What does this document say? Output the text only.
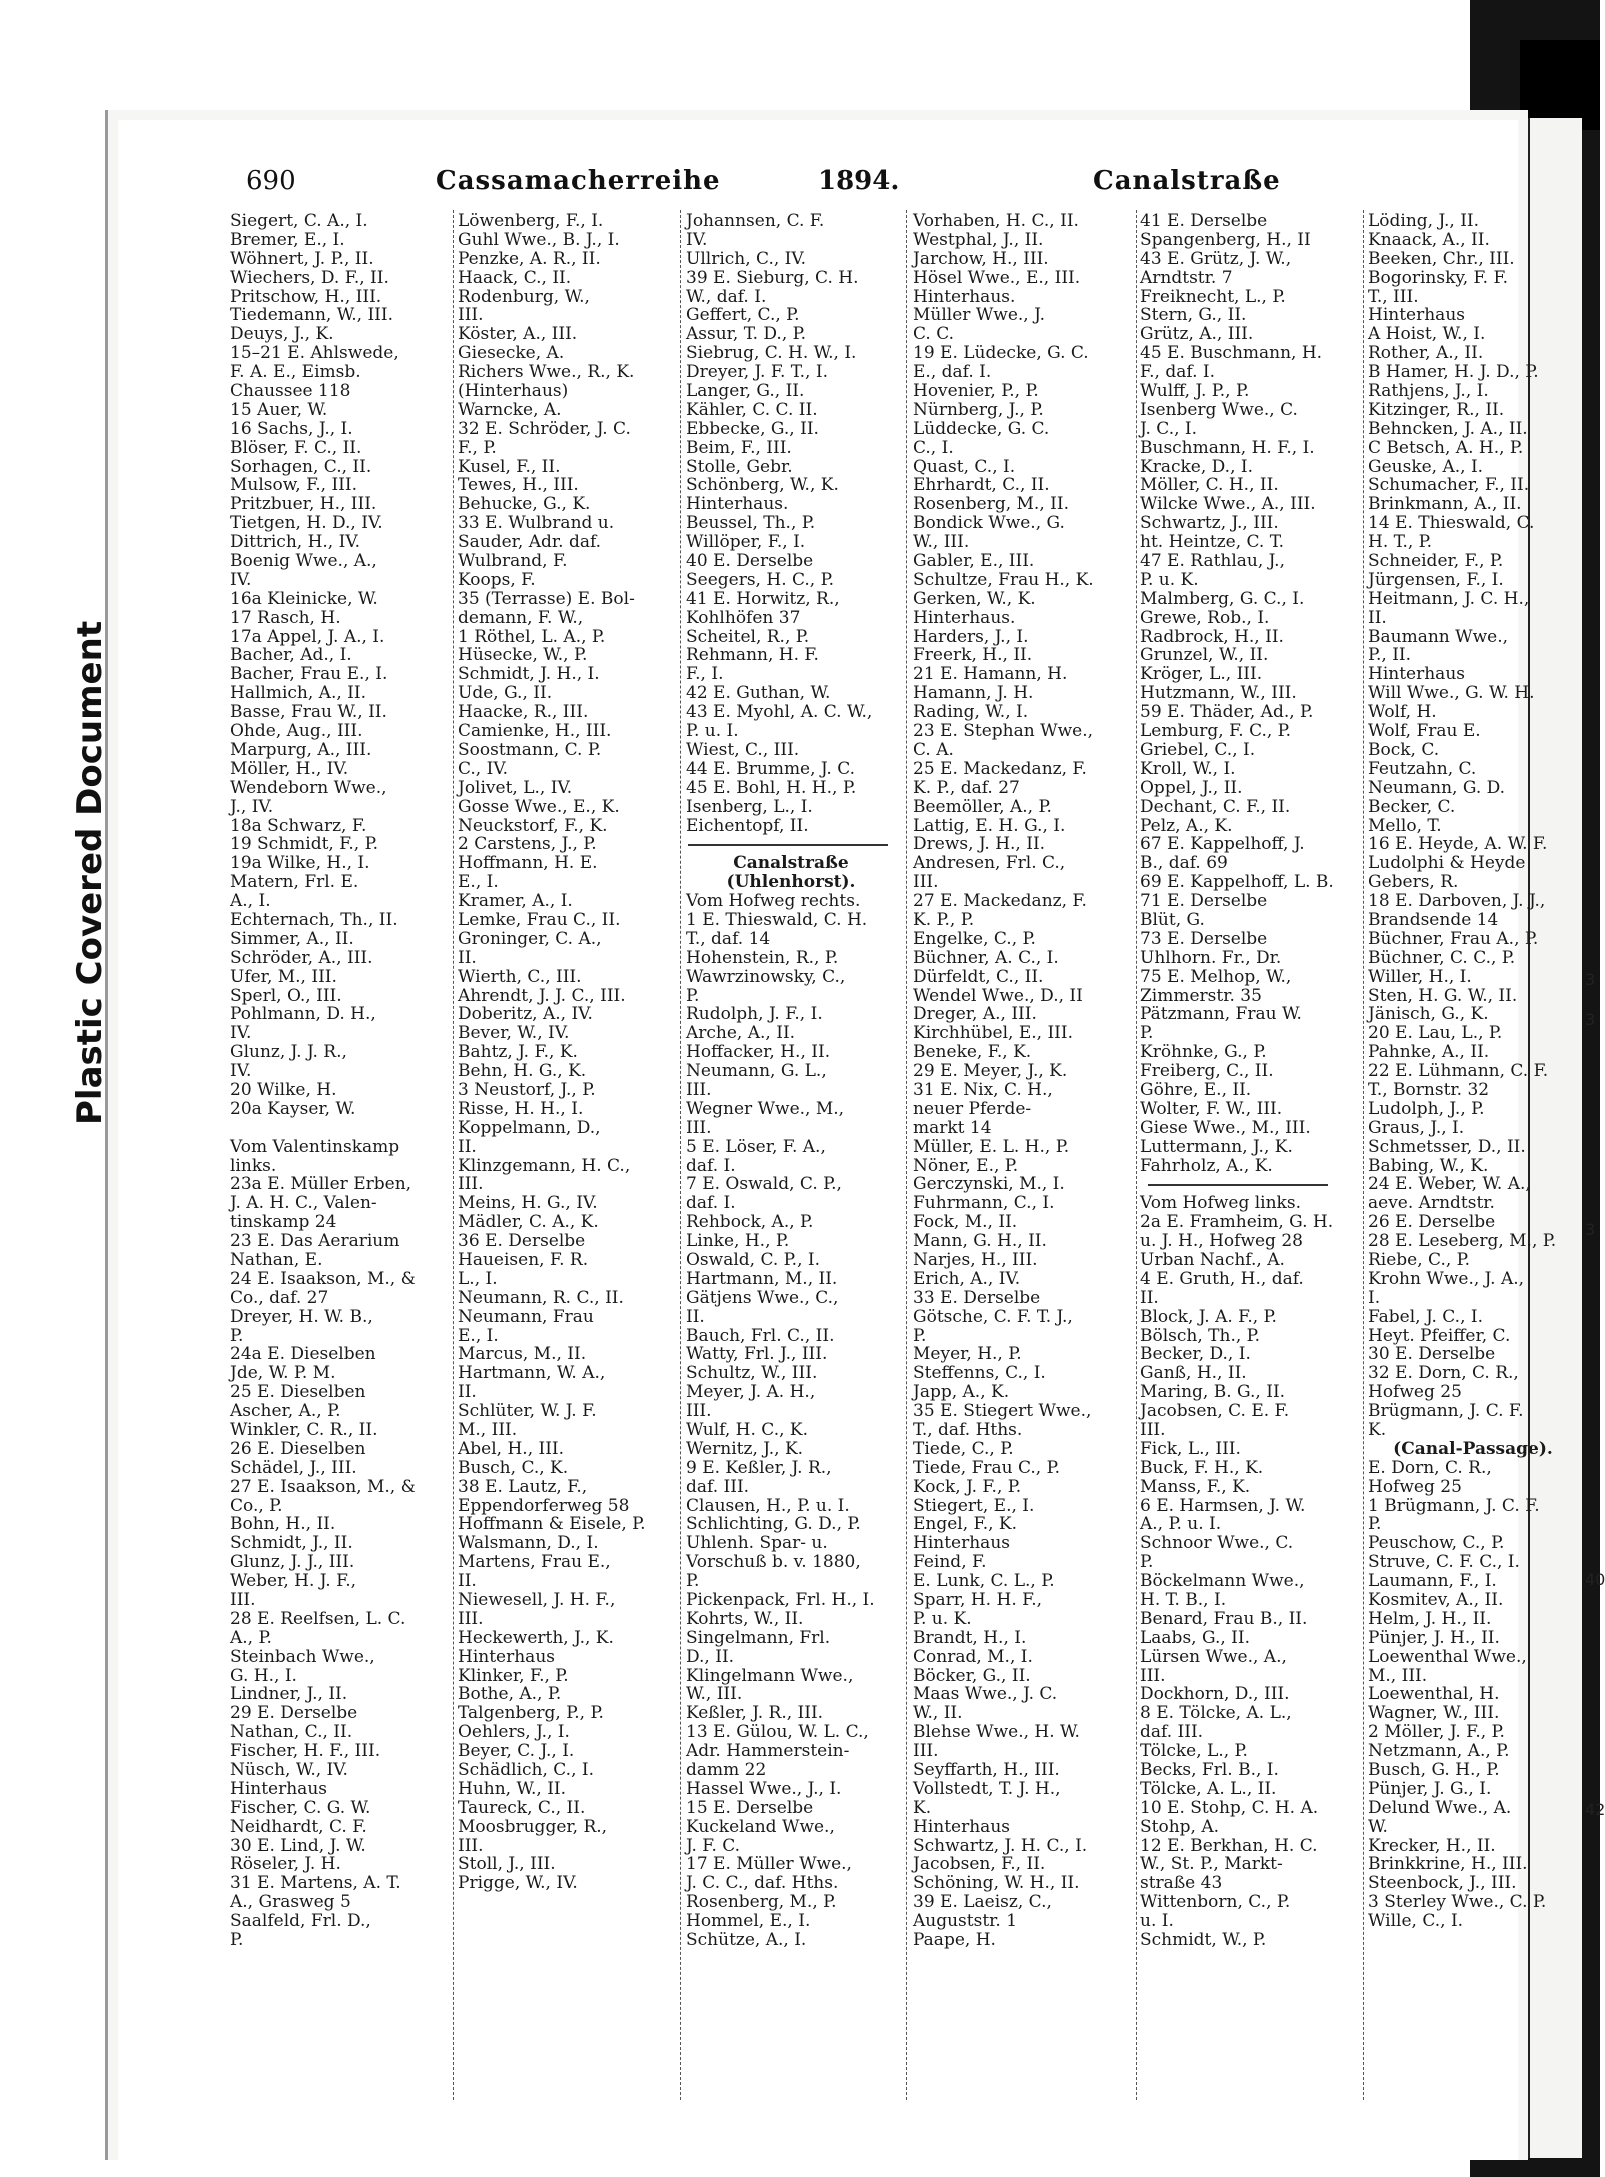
Plastic Covered Document
690	Cassamacherreihe	1894.	Canalstraße
Siegert, C. A., I.
Bremer, E., I.
Wöhnert, J. P., II.
Wiechers, D. F., II.
Pritschow, H., III.
Tiedemann, W., III.
Deuys, J., K.
15–21 E. Ahlswede,
F. A. E., Eimsb.
Chaussee 118
15 Auer, W.
16 Sachs, J., I.
Blöser, F. C., II.
Sorhagen, C., II.
Mulsow, F., III.
Pritzbuer, H., III.
Tietgen, H. D., IV.
Dittrich, H., IV.
Boenig Wwe., A.,
IV.
16a Kleinicke, W.
17 Rasch, H.
17a Appel, J. A., I.
Bacher, Ad., I.
Bacher, Frau E., I.
Hallmich, A., II.
Basse, Frau W., II.
Ohde, Aug., III.
Marpurg, A., III.
Möller, H., IV.
Wendeborn Wwe.,
J., IV.
18a Schwarz, F.
19 Schmidt, F., P.
19a Wilke, H., I.
Matern, Frl. E.
A., I.
Echternach, Th., II.
Simmer, A., II.
Schröder, A., III.
Ufer, M., III.
Sperl, O., III.
Pohlmann, D. H.,
IV.
Glunz, J. J. R.,
IV.
20 Wilke, H.
20a Kayser, W.
Vom Valentinskamp
links.
23a E. Müller Erben,
J. A. H. C., Valen-
tinskamp 24
23 E. Das Aerarium
Nathan, E.
24 E. Isaakson, M., &
Co., daf. 27
Dreyer, H. W. B.,
P.
24a E. Dieselben
Jde, W. P. M.
25 E. Dieselben
Ascher, A., P.
Winkler, C. R., II.
26 E. Dieselben
Schädel, J., III.
27 E. Isaakson, M., &
Co., P.
Bohn, H., II.
Schmidt, J., II.
Glunz, J. J., III.
Weber, H. J. F.,
III.
28 E. Reelfsen, L. C.
A., P.
Steinbach Wwe.,
G. H., I.
Lindner, J., II.
29 E. Derselbe
Nathan, C., II.
Fischer, H. F., III.
Nüsch, W., IV.
Hinterhaus
Fischer, C. G. W.
Neidhardt, C. F.
30 E. Lind, J. W.
Röseler, J. H.
31 E. Martens, A. T.
A., Grasweg 5
Saalfeld, Frl. D.,
P.
Löwenberg, F., I.
Guhl Wwe., B. J., I.
Penzke, A. R., II.
Haack, C., II.
Rodenburg, W.,
III.
Köster, A., III.
Giesecke, A.
Richers Wwe., R., K.
(Hinterhaus)
Warncke, A.
32 E. Schröder, J. C.
F., P.
Kusel, F., II.
Tewes, H., III.
Behucke, G., K.
33 E. Wulbrand u.
Sauder, Adr. daf.
Wulbrand, F.
Koops, F.
35 (Terrasse) E. Bol-
demann, F. W.,
1 Röthel, L. A., P.
Hüsecke, W., P.
Schmidt, J. H., I.
Ude, G., II.
Haacke, R., III.
Camienke, H., III.
Soostmann, C. P.
C., IV.
Jolivet, L., IV.
Gosse Wwe., E., K.
Neuckstorf, F., K.
2 Carstens, J., P.
Hoffmann, H. E.
E., I.
Kramer, A., I.
Lemke, Frau C., II.
Groninger, C. A.,
II.
Wierth, C., III.
Ahrendt, J. J. C., III.
Doberitz, A., IV.
Bever, W., IV.
Bahtz, J. F., K.
Behn, H. G., K.
3 Neustorf, J., P.
Risse, H. H., I.
Koppelmann, D.,
II.
Klinzgemann, H. C.,
III.
Meins, H. G., IV.
Mädler, C. A., K.
36 E. Derselbe
Haueisen, F. R.
L., I.
Neumann, R. C., II.
Neumann, Frau
E., I.
Marcus, M., II.
Hartmann, W. A.,
II.
Schlüter, W. J. F.
M., III.
Abel, H., III.
Busch, C., K.
38 E. Lautz, F.,
Eppendorferweg 58
Hoffmann & Eisele, P.
Walsmann, D., I.
Martens, Frau E.,
II.
Niewesell, J. H. F.,
III.
Heckewerth, J., K.
Hinterhaus
Klinker, F., P.
Bothe, A., P.
Talgenberg, P., P.
Oehlers, J., I.
Beyer, C. J., I.
Schädlich, C., I.
Huhn, W., II.
Taureck, C., II.
Moosbrugger, R.,
III.
Stoll, J., III.
Prigge, W., IV.
Johannsen, C. F.
IV.
Ullrich, C., IV.
39 E. Sieburg, C. H.
W., daf. I.
Geffert, C., P.
Assur, T. D., P.
Siebrug, C. H. W., I.
Dreyer, J. F. T., I.
Langer, G., II.
Kähler, C. C. II.
Ebbecke, G., II.
Beim, F., III.
Stolle, Gebr.
Schönberg, W., K.
Hinterhaus.
Beussel, Th., P.
Willöper, F., I.
40 E. Derselbe
Seegers, H. C., P.
41 E. Horwitz, R.,
Kohlhöfen 37
Scheitel, R., P.
Rehmann, H. F.
F., I.
42 E. Guthan, W.
43 E. Myohl, A. C. W.,
P. u. I.
Wiest, C., III.
44 E. Brumme, J. C.
45 E. Bohl, H. H., P.
Isenberg, L., I.
Eichentopf, II.
Canalstraße
(Uhlenhorst).
Vom Hofweg rechts.
1 E. Thieswald, C. H.
T., daf. 14
Hohenstein, R., P.
Wawrzinowsky, C.,
P.
Rudolph, J. F., I.
Arche, A., II.
Hoffacker, H., II.
Neumann, G. L.,
III.
Wegner Wwe., M.,
III.
5 E. Löser, F. A.,
daf. I.
7 E. Oswald, C. P.,
daf. I.
Rehbock, A., P.
Linke, H., P.
Oswald, C. P., I.
Hartmann, M., II.
Gätjens Wwe., C.,
II.
Bauch, Frl. C., II.
Watty, Frl. J., III.
Schultz, W., III.
Meyer, J. A. H.,
III.
Wulf, H. C., K.
Wernitz, J., K.
9 E. Keßler, J. R.,
daf. III.
Clausen, H., P. u. I.
Schlichting, G. D., P.
Uhlenh. Spar- u.
Vorschuß b. v. 1880,
P.
Pickenpack, Frl. H., I.
Kohrts, W., II.
Singelmann, Frl.
D., II.
Klingelmann Wwe.,
W., III.
Keßler, J. R., III.
13 E. Gülou, W. L. C.,
Adr. Hammerstein-
damm 22
Hassel Wwe., J., I.
15 E. Derselbe
Kuckeland Wwe.,
J. F. C.
17 E. Müller Wwe.,
J. C. C., daf. Hths.
Rosenberg, M., P.
Hommel, E., I.
Schütze, A., I.
Vorhaben, H. C., II.
Westphal, J., II.
Jarchow, H., III.
Hösel Wwe., E., III.
Hinterhaus.
Müller Wwe., J.
C. C.
19 E. Lüdecke, G. C.
E., daf. I.
Hovenier, P., P.
Nürnberg, J., P.
Lüddecke, G. C.
C., I.
Quast, C., I.
Ehrhardt, C., II.
Rosenberg, M., II.
Bondick Wwe., G.
W., III.
Gabler, E., III.
Schultze, Frau H., K.
Gerken, W., K.
Hinterhaus.
Harders, J., I.
Freerk, H., II.
21 E. Hamann, H.
Hamann, J. H.
Rading, W., I.
23 E. Stephan Wwe.,
C. A.
25 E. Mackedanz, F.
K. P., daf. 27
Beemöller, A., P.
Lattig, E. H. G., I.
Drews, J. H., II.
Andresen, Frl. C.,
III.
27 E. Mackedanz, F.
K. P., P.
Engelke, C., P.
Büchner, A. C., I.
Dürfeldt, C., II.
Wendel Wwe., D., II
Dreger, A., III.
Kirchhübel, E., III.
Beneke, F., K.
29 E. Meyer, J., K.
31 E. Nix, C. H.,
neuer Pferde-
markt 14
Müller, E. L. H., P.
Nöner, E., P.
Gerczynski, M., I.
Fuhrmann, C., I.
Fock, M., II.
Mann, G. H., II.
Narjes, H., III.
Erich, A., IV.
33 E. Derselbe
Götsche, C. F. T. J.,
P.
Meyer, H., P.
Steffenns, C., I.
Japp, A., K.
35 E. Stiegert Wwe.,
T., daf. Hths.
Tiede, C., P.
Tiede, Frau C., P.
Kock, J. F., P.
Stiegert, E., I.
Engel, F., K.
Hinterhaus
Feind, F.
E. Lunk, C. L., P.
Sparr, H. H. F.,
P. u. K.
Brandt, H., I.
Conrad, M., I.
Böcker, G., II.
Maas Wwe., J. C.
W., II.
Blehse Wwe., H. W.
III.
Seyffarth, H., III.
Vollstedt, T. J. H.,
K.
Hinterhaus
Schwartz, J. H. C., I.
Jacobsen, F., II.
Schöning, W. H., II.
39 E. Laeisz, C.,
Auguststr. 1
Paape, H.
41 E. Derselbe
Spangenberg, H., II
43 E. Grütz, J. W.,
Arndtstr. 7
Freiknecht, L., P.
Stern, G., II.
Grütz, A., III.
45 E. Buschmann, H.
F., daf. I.
Wulff, J. P., P.
Isenberg Wwe., C.
J. C., I.
Buschmann, H. F., I.
Kracke, D., I.
Möller, C. H., II.
Wilcke Wwe., A., III.
Schwartz, J., III.
ht. Heintze, C. T.
47 E. Rathlau, J.,
P. u. K.
Malmberg, G. C., I.
Grewe, Rob., I.
Radbrock, H., II.
Grunzel, W., II.
Kröger, L., III.
Hutzmann, W., III.
59 E. Thäder, Ad., P.
Lemburg, F. C., P.
Griebel, C., I.
Kroll, W., I.
Oppel, J., II.
Dechant, C. F., II.
Pelz, A., K.
67 E. Kappelhoff, J.
B., daf. 69
69 E. Kappelhoff, L. B.
71 E. Derselbe
Blüt, G.
73 E. Derselbe
Uhlhorn. Fr., Dr.
75 E. Melhop, W.,
Zimmerstr. 35
Pätzmann, Frau W.
P.
Kröhnke, G., P.
Freiberg, C., II.
Göhre, E., II.
Wolter, F. W., III.
Giese Wwe., M., III.
Luttermann, J., K.
Fahrholz, A., K.
Vom Hofweg links.
2a E. Framheim, G. H.
u. J. H., Hofweg 28
Urban Nachf., A.
4 E. Gruth, H., daf.
II.
Block, J. A. F., P.
Bölsch, Th., P.
Becker, D., I.
Ganß, H., II.
Maring, B. G., II.
Jacobsen, C. E. F.
III.
Fick, L., III.
Buck, F. H., K.
Manss, F., K.
6 E. Harmsen, J. W.
A., P. u. I.
Schnoor Wwe., C.
P.
Böckelmann Wwe.,
H. T. B., I.
Benard, Frau B., II.
Laabs, G., II.
Lürsen Wwe., A.,
III.
Dockhorn, D., III.
8 E. Tölcke, A. L.,
daf. III.
Tölcke, L., P.
Becks, Frl. B., I.
Tölcke, A. L., II.
10 E. Stohp, C. H. A.
Stohp, A.
12 E. Berkhan, H. C.
W., St. P., Markt-
straße 43
Wittenborn, C., P.
u. I.
Schmidt, W., P.
Löding, J., II.
Knaack, A., II.
Beeken, Chr., III.
Bogorinsky, F. F.
T., III.
Hinterhaus
A Hoist, W., I.
Rother, A., II.
B Hamer, H. J. D., P.
Rathjens, J., I.
Kitzinger, R., II.
Behncken, J. A., II.
C Betsch, A. H., P.
Geuske, A., I.
Schumacher, F., II.
Brinkmann, A., II.
14 E. Thieswald, C.
H. T., P.
Schneider, F., P.
Jürgensen, F., I.
Heitmann, J. C. H.,
II.
Baumann Wwe.,
P., II.
Hinterhaus
Will Wwe., G. W. H.
Wolf, H.
Wolf, Frau E.
Bock, C.
Feutzahn, C.
Neumann, G. D.
Becker, C.
Mello, T.
16 E. Heyde, A. W. F.
Ludolphi & Heyde
Gebers, R.
18 E. Darboven, J. J.,
Brandsende 14
Büchner, Frau A., P.
Büchner, C. C., P.
Willer, H., I.
Sten, H. G. W., II.
Jänisch, G., K.
20 E. Lau, L., P.
Pahnke, A., II.
22 E. Lühmann, C. F.
T., Bornstr. 32
Ludolph, J., P.
Graus, J., I.
Schmetsser, D., II.
Babing, W., K.
24 E. Weber, W. A.,
aeve. Arndtstr.
26 E. Derselbe
28 E. Leseberg, M., P.
Riebe, C., P.
Krohn Wwe., J. A.,
I.
Fabel, J. C., I.
Heyt. Pfeiffer, C.
30 E. Derselbe
32 E. Dorn, C. R.,
Hofweg 25
Brügmann, J. C. F.
K.
(Canal-Passage).
E. Dorn, C. R.,
Hofweg 25
1 Brügmann, J. C. F.
P.
Peuschow, C., P.
Struve, C. F. C., I.
Laumann, F., I.
Kosmitev, A., II.
Helm, J. H., II.
Pünjer, J. H., II.
Loewenthal Wwe.,
M., III.
Loewenthal, H.
Wagner, W., III.
2 Möller, J. F., P.
Netzmann, A., P.
Busch, G. H., P.
Pünjer, J. G., I.
Delund Wwe., A.
W.
Krecker, H., II.
Brinkkrine, H., III.
Steenbock, J., III.
3 Sterley Wwe., C. P.
Wille, C., I.
3
3
3
40
42
